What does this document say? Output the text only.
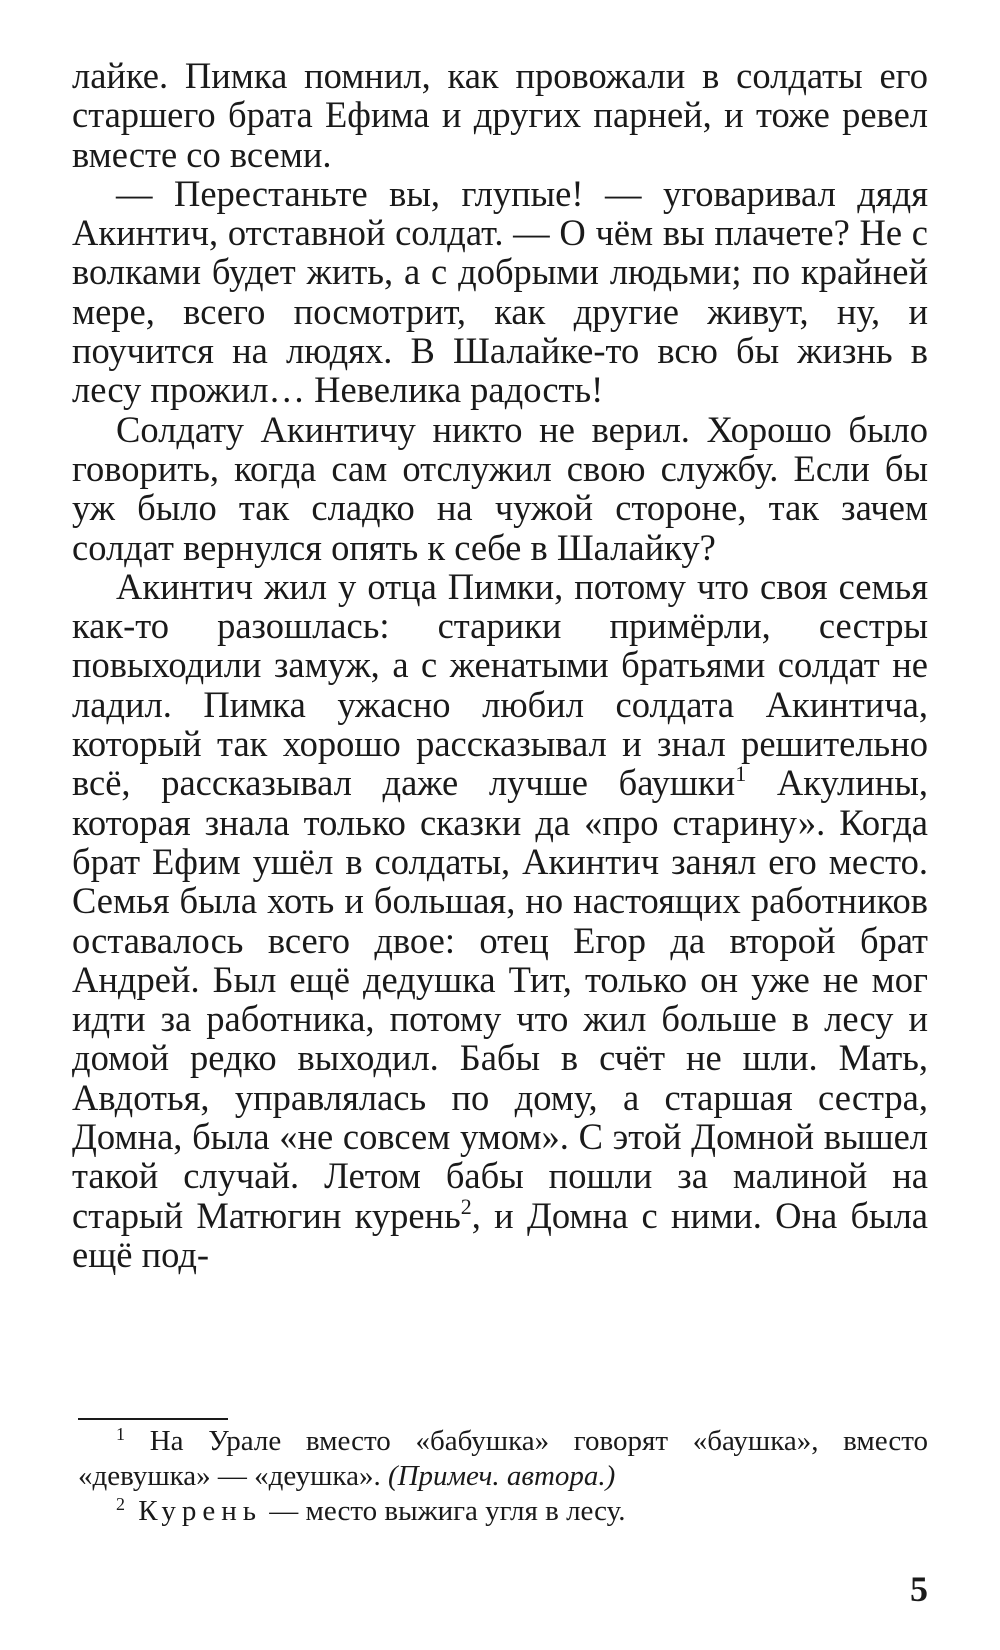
лайке. Пимка помнил, как провожали в солдаты его старшего брата Ефима и других парней, и тоже ревел вместе со всеми.

— Перестаньте вы, глупые! — уговаривал дядя Акинтич, отставной солдат. — О чём вы плачете? Не с волками будет жить, а с добрыми людьми; по крайней мере, всего посмотрит, как другие живут, ну, и поучится на людях. В Шалайке-то всю бы жизнь в лесу прожил… Невелика радость!

Солдату Акинтичу никто не верил. Хорошо было говорить, когда сам отслужил свою службу. Если бы уж было так сладко на чужой стороне, так зачем солдат вернулся опять к себе в Шалайку?

Акинтич жил у отца Пимки, потому что своя семья как-то разошлась: старики примёрли, сестры повыходили замуж, а с женатыми братьями солдат не ладил. Пимка ужасно любил солдата Акинтича, который так хорошо рассказывал и знал решительно всё, рассказывал даже лучше баушки$^1$ Акулины, которая знала только сказки да «про старину». Когда брат Ефим ушёл в солдаты, Акинтич занял его место. Семья была хоть и большая, но настоящих работников оставалось всего двое: отец Егор да второй брат Андрей. Был ещё дедушка Тит, только он уже не мог идти за работника, потому что жил больше в лесу и домой редко выходил. Бабы в счёт не шли. Мать, Авдотья, управлялась по дому, а старшая сестра, Домна, была «не совсем умом». С этой Домной вышел такой случай. Летом бабы пошли за малиной на старый Матюгин курень$^2$, и Домна с ними. Она была ещё под-

$^1$ На Урале вместо «бабушка» говорят «баушка», вместо «девушка» — «деушка». (Примеч. автора.)

$^2$ Курень — место выжига угля в лесу.

5
